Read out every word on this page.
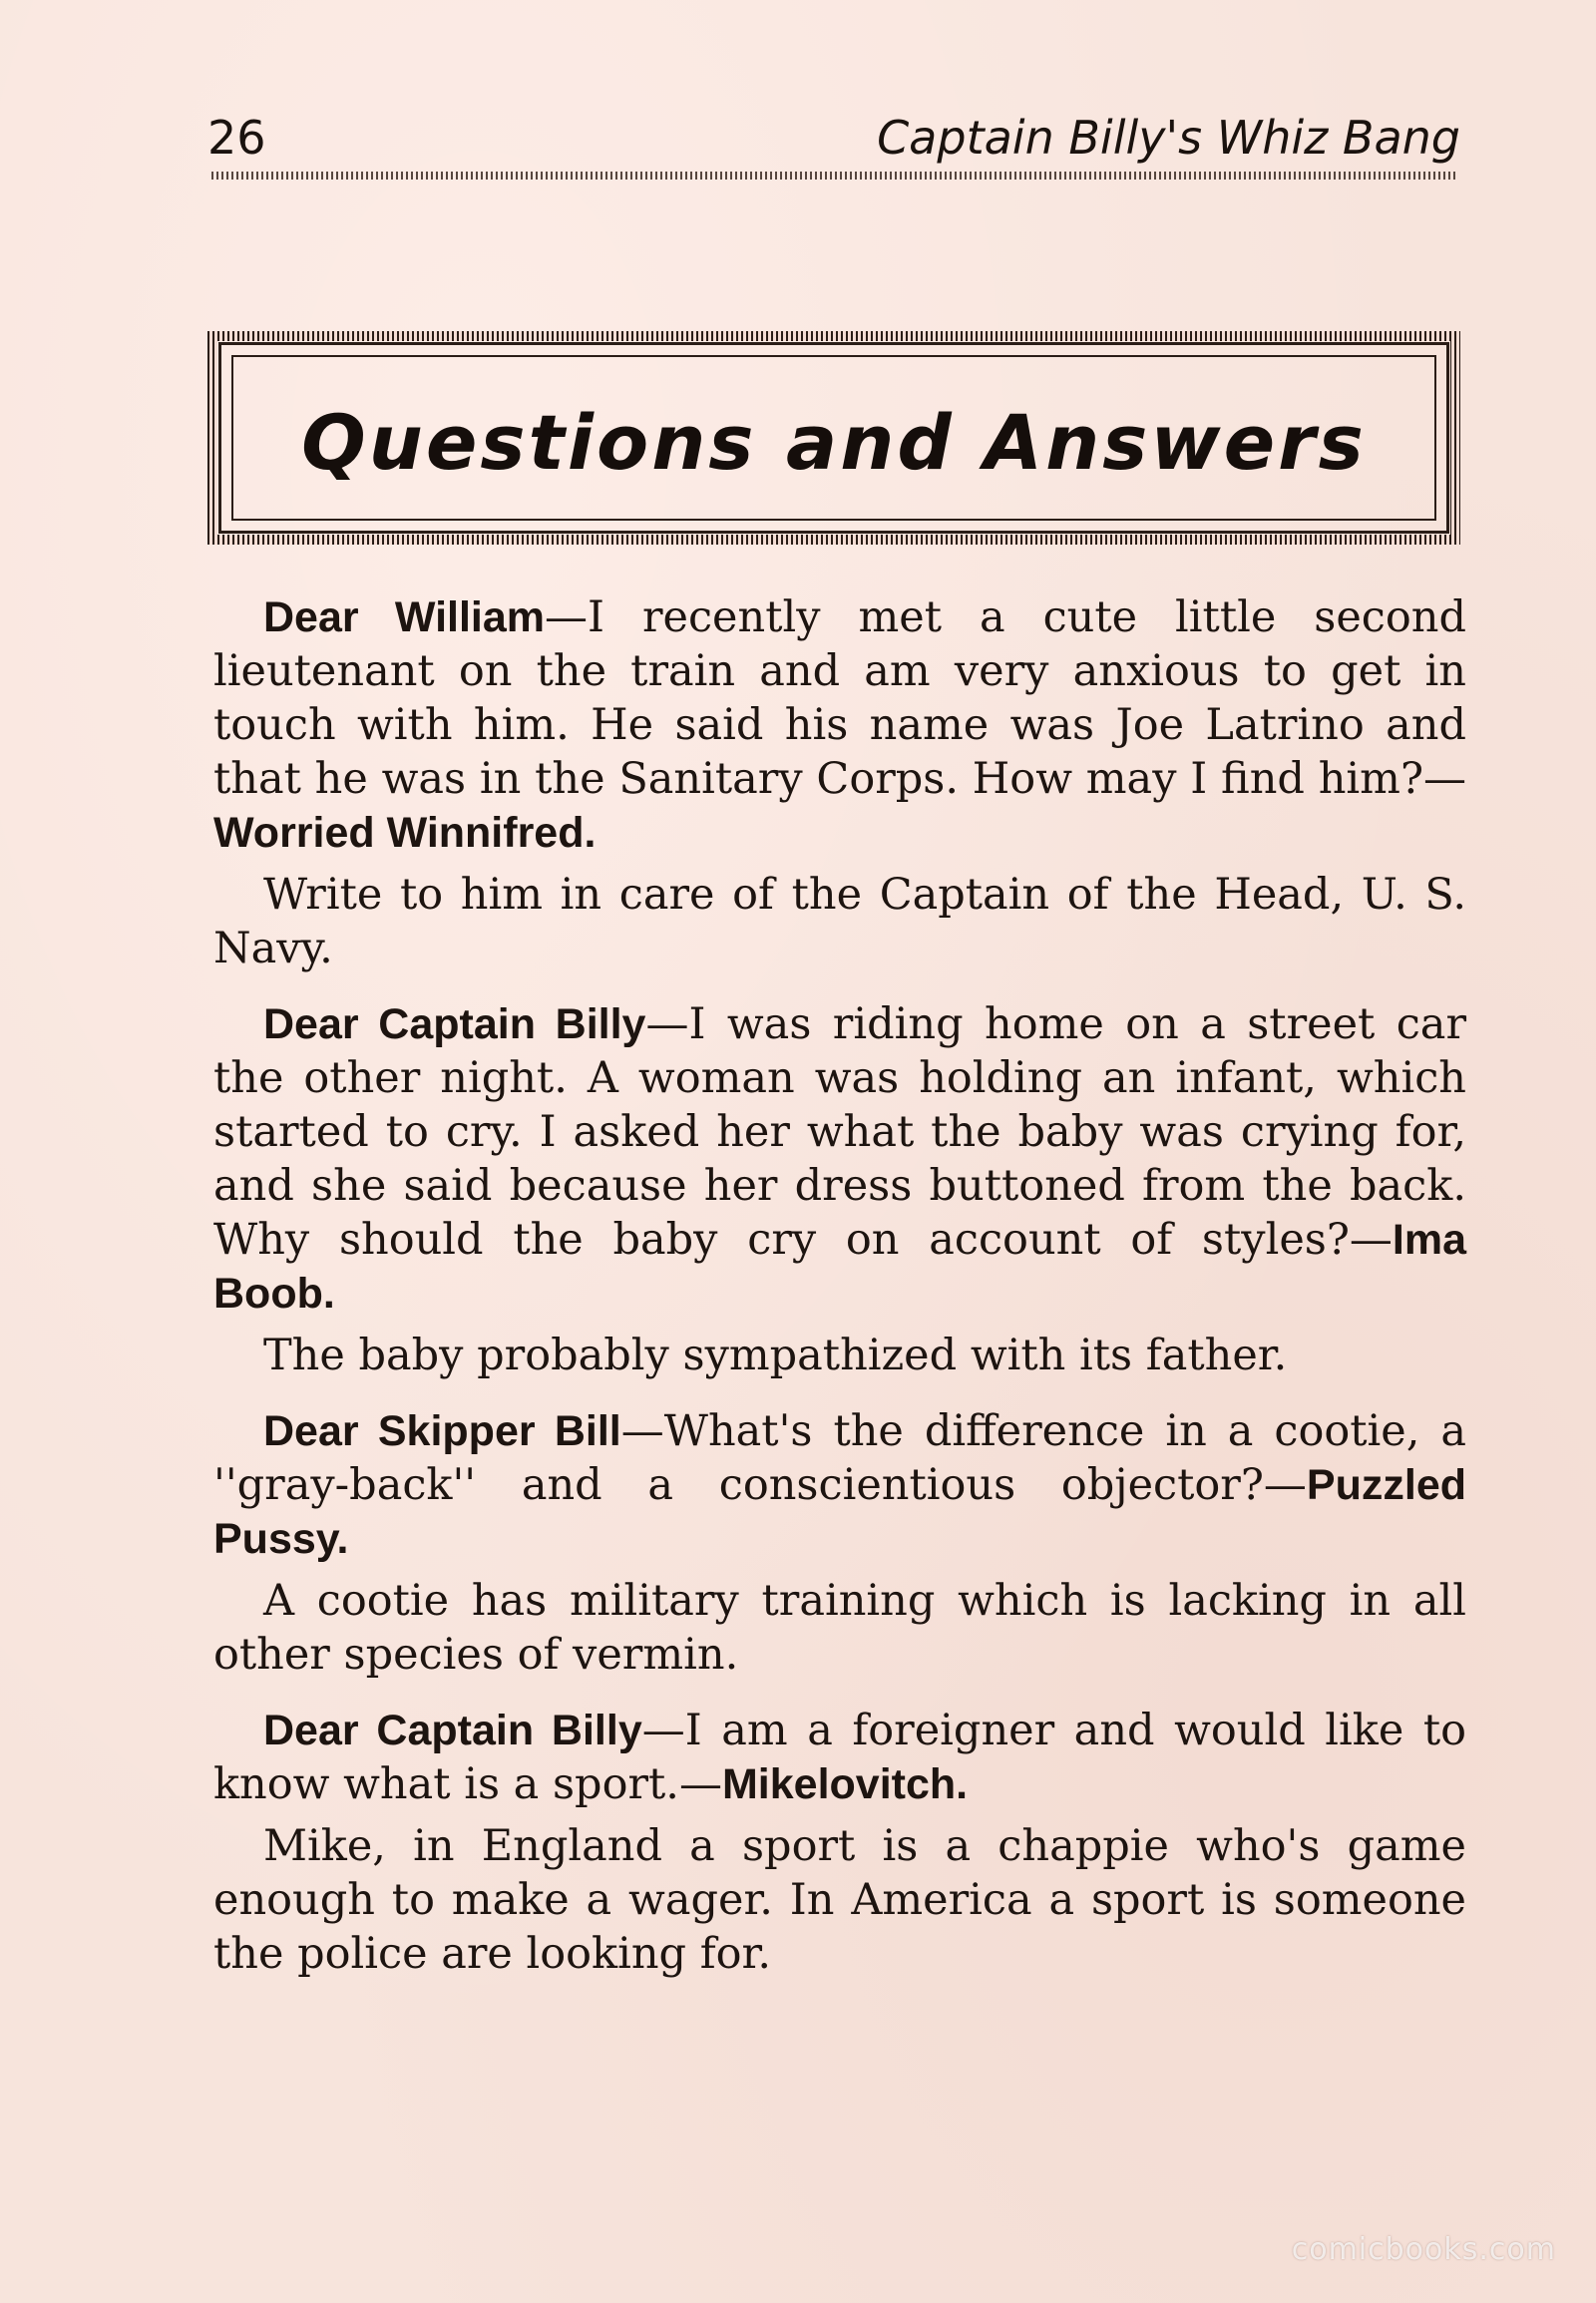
26	Captain Billy's Whiz Bang
Questions and Answers

Dear William—I recently met a cute little second lieutenant on the train and am very anxious to get in touch with him. He said his name was Joe Latrino and that he was in the Sanitary Corps. How may I find him?—Worried Winnifred.

Write to him in care of the Captain of the Head, U. S. Navy.

Dear Captain Billy—I was riding home on a street car the other night. A woman was holding an infant, which started to cry. I asked her what the baby was crying for, and she said because her dress buttoned from the back. Why should the baby cry on account of styles?—Ima Boob.

The baby probably sympathized with its father.

Dear Skipper Bill—What's the difference in a cootie, a ''gray-back'' and a conscientious objector?—Puzzled Pussy.

A cootie has military training which is lacking in all other species of vermin.

Dear Captain Billy—I am a foreigner and would like to know what is a sport.—Mikelovitch.

Mike, in England a sport is a chappie who's game enough to make a wager. In America a sport is someone the police are looking for.

comicbooks.com
